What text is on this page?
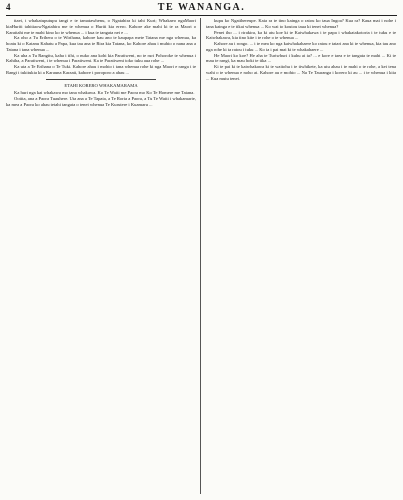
4	TE WANANGA.

ttaei, i whakatuputupu tangi e te tamatawhenu, o Ngatahira ki tahi Kuri; Whakaeo ngaMaori kiaHuriti tahitiaowNgatahira me te whenua o Huriti kia erero. Kahore ake mahi ki te ra Maori o Karaitahi me te mahi kino ko te whenua ... i kua te tangata nei e ...

Ka oho a Tu Erihera o te Wirihana, kahore kau ano te kaupapa mete Tatana me nga whenua, ka hoatu ki o Katanu Kahatu a Papa, kua tau ana te Rira kia Tatana, ko Kahore ahau i muhio o nana ana a Tatana i tana whenua ...

Ka uha a Tu Rangitu, kaha i tihi, o nuko ana kohi kia Paratiweni, no te ruri Pohoroke te whenua i Kahiha, a Paratiweni, i te whenua i Paratiweni. Ka te Paratiweni toko tuku aua rohe ...

Ka uta a Te Erihana o Te Tuki. Kahore ahau i mohio i tana whenua rohe ki nga Maori e ranga i te Rangi i tukitukia ki a Karauna Karaati, kahore i poroporo a ahau ...

ETAHI KORERO WHAKAMARAMA

Ka huri nga kai whakawa mo tana whakawa. Ko Te Waiti me Paora mo Ko Te Homere me Tatana.

Ootita, ana a Paora Tuauhere. Uta ana a Te Tapata, a Te Roria a Paora, a Tu Te Waiti i whakamarie, ka mea a Paora ko ahau tetahi tangata o tenei whenua Te Kurutere i Kuamaru ...

kupu ko Ngatihereupe. Kaia ra te tino kainga o ratou ko taua Ingoa? Kua ra? Kaua mai i nohe i tana kainga e te tikai whenua ... Ko wai to koutou taua ki tenei whenua?

Penei iho ... i rirakira, ka ki atu koe ki te Kaiwhakawa i te papa i whakatakotoria i te tuku e te Kaiwhakawa, kia tino kite i te rohe o te whenua ...

Kahore au i rongo. ... i te mea ko nga kaiwhakahaere ko ratou e tatari ana ki te whenua, kia tau ano nga rohe ki ta ratou i tuku ... Ko ia i pai mai ki te whakahaere ...

He Maori ko koe? He aha te Turiwhuri i kuhu ai ia? ... e kore e taea e te tangata te mahi ... Ki te mau te rangi, ka mau hoki te tika ...

Ki te pai ki te kaiwhakawa ki te waitohu i te tiwhikete, ka utu ahau i te mahi o te rohe, a kei tena wahi o te whenua e noho ai. Kahore au e mohio ... Na Te Tauranga i korero ki au ... i te whenua i kiia ... Kua mutu tenei.
